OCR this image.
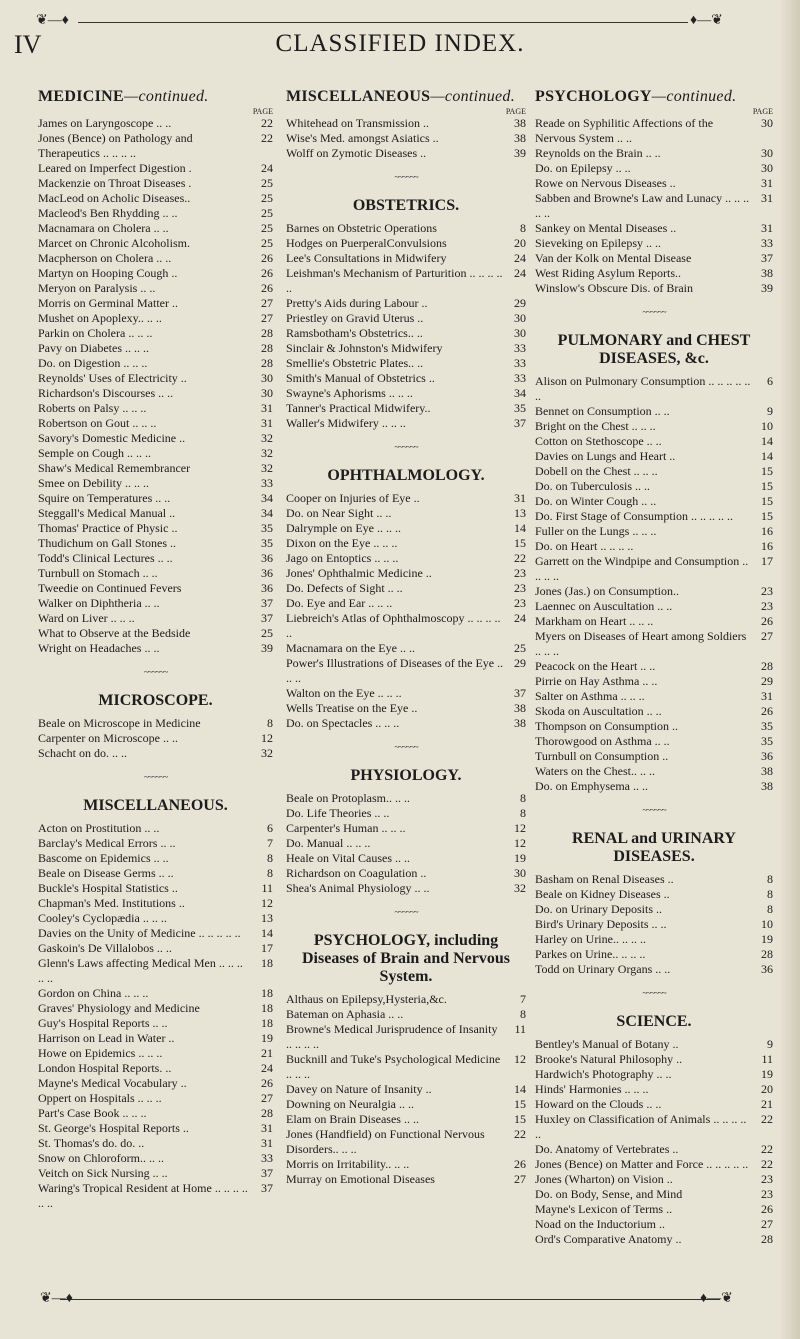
❦—♦	♦—❦
IV	CLASSIFIED INDEX.
MEDICINE—continued.
PAGE
James on Laryngoscope .. ..	22
Jones (Bence) on Pathology and Therapeutics .. .. .. ..
22
Leared on Imperfect Digestion .	24
Mackenzie on Throat Diseases .	25
MacLeod on Acholic Diseases..	25
Macleod's Ben Rhydding .. ..	25
Macnamara on Cholera .. ..	25
Marcet on Chronic Alcoholism.	25
Macpherson on Cholera .. ..	26
Martyn on Hooping Cough ..	26
Meryon on Paralysis .. ..	26
Morris on Germinal Matter ..	27
Mushet on Apoplexy.. .. ..	27
Parkin on Cholera .. .. ..	28
Pavy on Diabetes .. .. ..	28
Do. on Digestion .. .. ..	28
Reynolds' Uses of Electricity ..	30
Richardson's Discourses .. ..	30
Roberts on Palsy .. .. ..	31
Robertson on Gout .. .. ..	31
Savory's Domestic Medicine ..	32
Semple on Cough .. .. ..	32
Shaw's Medical Remembrancer	32
Smee on Debility .. .. ..	33
Squire on Temperatures .. ..	34
Steggall's Medical Manual ..	34
Thomas' Practice of Physic ..	35
Thudichum on Gall Stones ..	35
Todd's Clinical Lectures .. ..	36
Turnbull on Stomach .. ..	36
Tweedie on Continued Fevers	36
Walker on Diphtheria .. ..	37
Ward on Liver .. .. ..	37
What to Observe at the Bedside	25
Wright on Headaches .. ..	39
~~~~~~
MICROSCOPE.
Beale on Microscope in Medicine	8
Carpenter on Microscope .. ..	12
Schacht on do. .. ..	32
~~~~~~
MISCELLANEOUS.
Acton on Prostitution .. ..	6
Barclay's Medical Errors .. ..	7
Bascome on Epidemics .. ..	8
Beale on Disease Germs .. ..	8
Buckle's Hospital Statistics ..	11
Chapman's Med. Institutions ..	12
Cooley's Cyclopædia .. .. ..	13
Davies on the Unity of Medicine .. .. .. .. ..	14
Gaskoin's De Villalobos .. ..	17
Glenn's Laws affecting Medical Men .. .. .. .. ..
18
Gordon on China .. .. ..	18
Graves' Physiology and Medicine	18
Guy's Hospital Reports .. ..	18
Harrison on Lead in Water ..	19
Howe on Epidemics .. .. ..	21
London Hospital Reports. ..	24
Mayne's Medical Vocabulary ..	26
Oppert on Hospitals .. .. ..	27
Part's Case Book .. .. ..	28
St. George's Hospital Reports ..	31
St. Thomas's do. do. ..	31
Snow on Chloroform.. .. ..	33
Veitch on Sick Nursing .. ..	37
Waring's Tropical Resident at Home .. .. .. .. .. ..
37
MISCELLANEOUS—continued.
PAGE
Whitehead on Transmission ..	38
Wise's Med. amongst Asiatics ..	38
Wolff on Zymotic Diseases ..	39
~~~~~~
OBSTETRICS.
Barnes on Obstetric Operations	8
Hodges on PuerperalConvulsions	20
Lee's Consultations in Midwifery	24
Leishman's Mechanism of Parturition .. .. .. .. ..
24
Pretty's Aids during Labour ..	29
Priestley on Gravid Uterus ..	30
Ramsbotham's Obstetrics.. ..	30
Sinclair & Johnston's Midwifery	33
Smellie's Obstetric Plates.. ..	33
Smith's Manual of Obstetrics ..	33
Swayne's Aphorisms .. .. ..	34
Tanner's Practical Midwifery..	35
Waller's Midwifery .. .. ..	37
~~~~~~
OPHTHALMOLOGY.
Cooper on Injuries of Eye ..	31
Do. on Near Sight .. ..	13
Dalrymple on Eye .. .. ..	14
Dixon on the Eye .. .. ..	15
Jago on Entoptics .. .. ..	22
Jones' Ophthalmic Medicine ..	23
Do. Defects of Sight .. ..	23
Do. Eye and Ear .. .. ..	23
Liebreich's Atlas of Ophthalmoscopy .. .. .. .. ..
24
Macnamara on the Eye .. ..	25
Power's Illustrations of Diseases of the Eye .. .. ..
29
Walton on the Eye .. .. ..	37
Wells Treatise on the Eye ..	38
Do. on Spectacles .. .. ..	38
~~~~~~
PHYSIOLOGY.
Beale on Protoplasm.. .. ..	8
Do. Life Theories .. ..	8
Carpenter's Human .. .. ..	12
Do. Manual .. .. ..	12
Heale on Vital Causes .. ..	19
Richardson on Coagulation ..	30
Shea's Animal Physiology .. ..	32
~~~~~~
PSYCHOLOGY, including Diseases of Brain and Nervous System.
Althaus on Epilepsy,Hysteria,&c.	7
Bateman on Aphasia .. ..	8
Browne's Medical Jurisprudence of Insanity .. .. .. ..
11
Bucknill and Tuke's Psychological Medicine .. .. ..
12
Davey on Nature of Insanity ..	14
Downing on Neuralgia .. ..	15
Elam on Brain Diseases .. ..	15
Jones (Handfield) on Functional Nervous Disorders.. .. ..
22
Morris on Irritability.. .. ..	26
Murray on Emotional Diseases	27
PSYCHOLOGY—continued.
PAGE
Reade on Syphilitic Affections of the Nervous System .. ..
30
Reynolds on the Brain .. ..	30
Do. on Epilepsy .. ..	30
Rowe on Nervous Diseases ..	31
Sabben and Browne's Law and Lunacy .. .. .. .. ..
31
Sankey on Mental Diseases ..	31
Sieveking on Epilepsy .. ..	33
Van der Kolk on Mental Disease	37
West Riding Asylum Reports..	38
Winslow's Obscure Dis. of Brain	39
~~~~~~
PULMONARY and CHEST DISEASES, &c.
Alison on Pulmonary Consumption .. .. .. .. .. ..
6
Bennet on Consumption .. ..	9
Bright on the Chest .. .. ..	10
Cotton on Stethoscope .. ..	14
Davies on Lungs and Heart ..	14
Dobell on the Chest .. .. ..	15
Do. on Tuberculosis .. ..	15
Do. on Winter Cough .. ..	15
Do. First Stage of Consumption .. .. .. .. ..	15
Fuller on the Lungs .. .. ..	16
Do. on Heart .. .. .. ..	16
Garrett on the Windpipe and Consumption .. .. .. ..
17
Jones (Jas.) on Consumption..	23
Laennec on Auscultation .. ..	23
Markham on Heart .. .. ..	26
Myers on Diseases of Heart among Soldiers .. .. ..
27
Peacock on the Heart .. ..	28
Pirrie on Hay Asthma .. ..	29
Salter on Asthma .. .. ..	31
Skoda on Auscultation .. ..	26
Thompson on Consumption ..	35
Thorowgood on Asthma .. ..	35
Turnbull on Consumption ..	36
Waters on the Chest.. .. ..	38
Do. on Emphysema .. ..	38
~~~~~~
RENAL and URINARY DISEASES.
Basham on Renal Diseases ..	8
Beale on Kidney Diseases ..	8
Do. on Urinary Deposits ..	8
Bird's Urinary Deposits .. ..	10
Harley on Urine.. .. .. ..	19
Parkes on Urine.. .. .. ..	28
Todd on Urinary Organs .. ..	36
~~~~~~
SCIENCE.
Bentley's Manual of Botany ..	9
Brooke's Natural Philosophy ..	11
Hardwich's Photography .. ..	19
Hinds' Harmonies .. .. ..	20
Howard on the Clouds .. ..	21
Huxley on Classification of Animals .. .. .. .. ..
22
Do. Anatomy of Vertebrates ..	22
Jones (Bence) on Matter and Force .. .. .. .. ..	22
Jones (Wharton) on Vision ..	23
Do. on Body, Sense, and Mind	23
Mayne's Lexicon of Terms ..	26
Noad on the Inductorium ..	27
Ord's Comparative Anatomy ..	28
❦—♦	♦—❦
